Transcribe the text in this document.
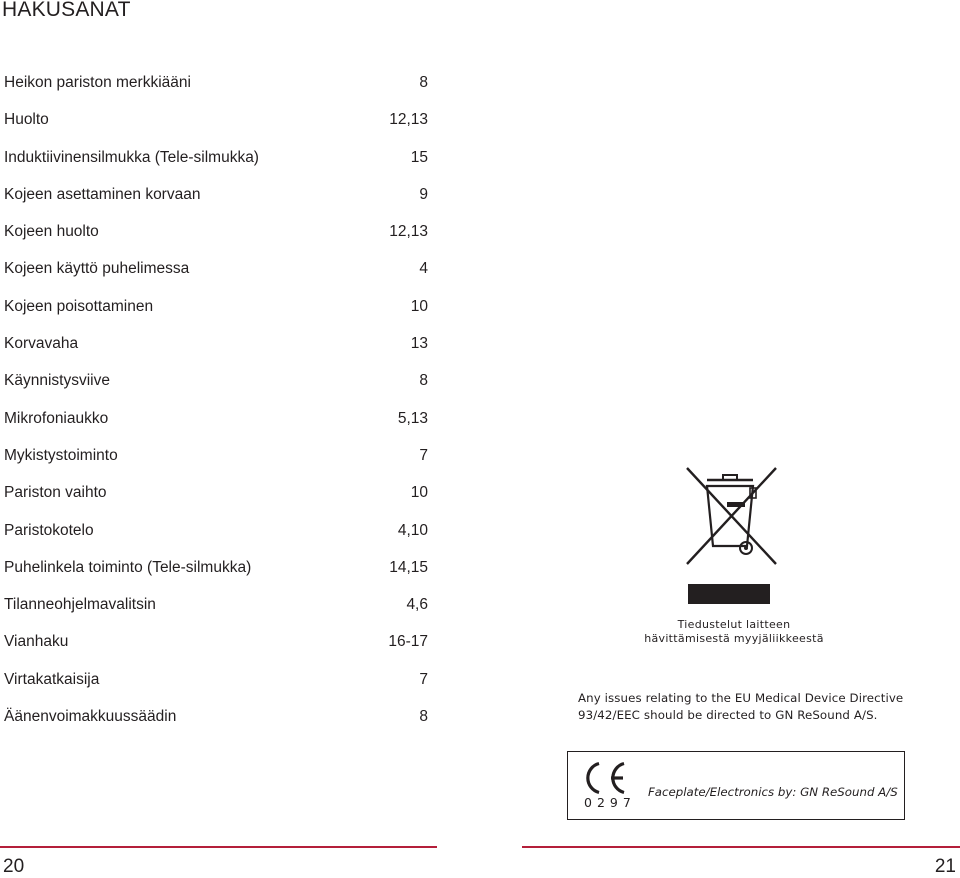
HAKUSANAT
Heikon pariston merkkiääni	8
Huolto	12,13
Induktiivinensilmukka (Tele-silmukka)	15
Kojeen asettaminen korvaan	9
Kojeen huolto	12,13
Kojeen käyttö puhelimessa	4
Kojeen poisottaminen	10
Korvavaha	13
Käynnistysviive	8
Mikrofoniaukko	5,13
Mykistystoiminto	7
Pariston vaihto	10
Paristokotelo	4,10
Puhelinkela toiminto (Tele-silmukka)	14,15
Tilanneohjelmavalitsin	4,6
Vianhaku	16-17
Virtakatkaisija	7
Äänenvoimakkuussäädin	8
Tiedustelut laitteen
hävittämisestä myyjäliikkeestä
Any issues relating to the EU Medical Device Directive
93/42/EEC should be directed to GN ReSound A/S.
0297
Faceplate/Electronics by: GN ReSound A/S
20	21
